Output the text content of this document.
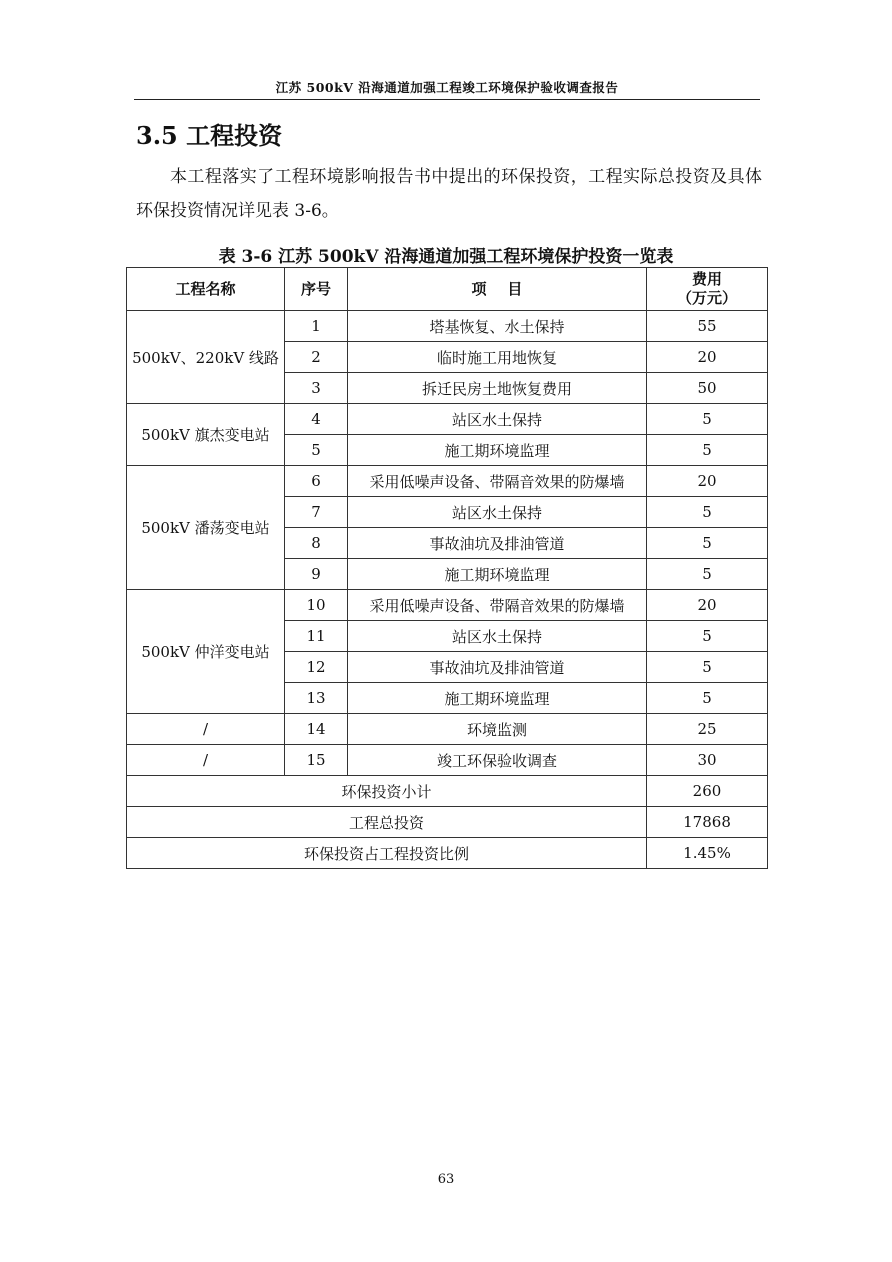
江苏 500kV 沿海通道加强工程竣工环境保护验收调查报告
3.5 工程投资
本工程落实了工程环境影响报告书中提出的环保投资，工程实际总投资及具体环保投资情况详见表 3-6。
表 3-6 江苏 500kV 沿海通道加强工程环境保护投资一览表
工程名称	序号	项    目	费用
（万元）

500kV、220kV 线路	1	塔基恢复、水土保持	55
	2	临时施工用地恢复	20
	3	拆迁民房土地恢复费用	50
500kV 旗杰变电站	4	站区水土保持	5
	5	施工期环境监理	5
500kV 潘荡变电站	6	采用低噪声设备、带隔音效果的防爆墙	20
	7	站区水土保持	5
	8	事故油坑及排油管道	5
	9	施工期环境监理	5
500kV 仲洋变电站	10	采用低噪声设备、带隔音效果的防爆墙	20
	11	站区水土保持	5
	12	事故油坑及排油管道	5
	13	施工期环境监理	5
/	14	环境监测	25
/	15	竣工环保验收调查	30
环保投资小计			260
工程总投资			17868
环保投资占工程投资比例			1.45%
63
